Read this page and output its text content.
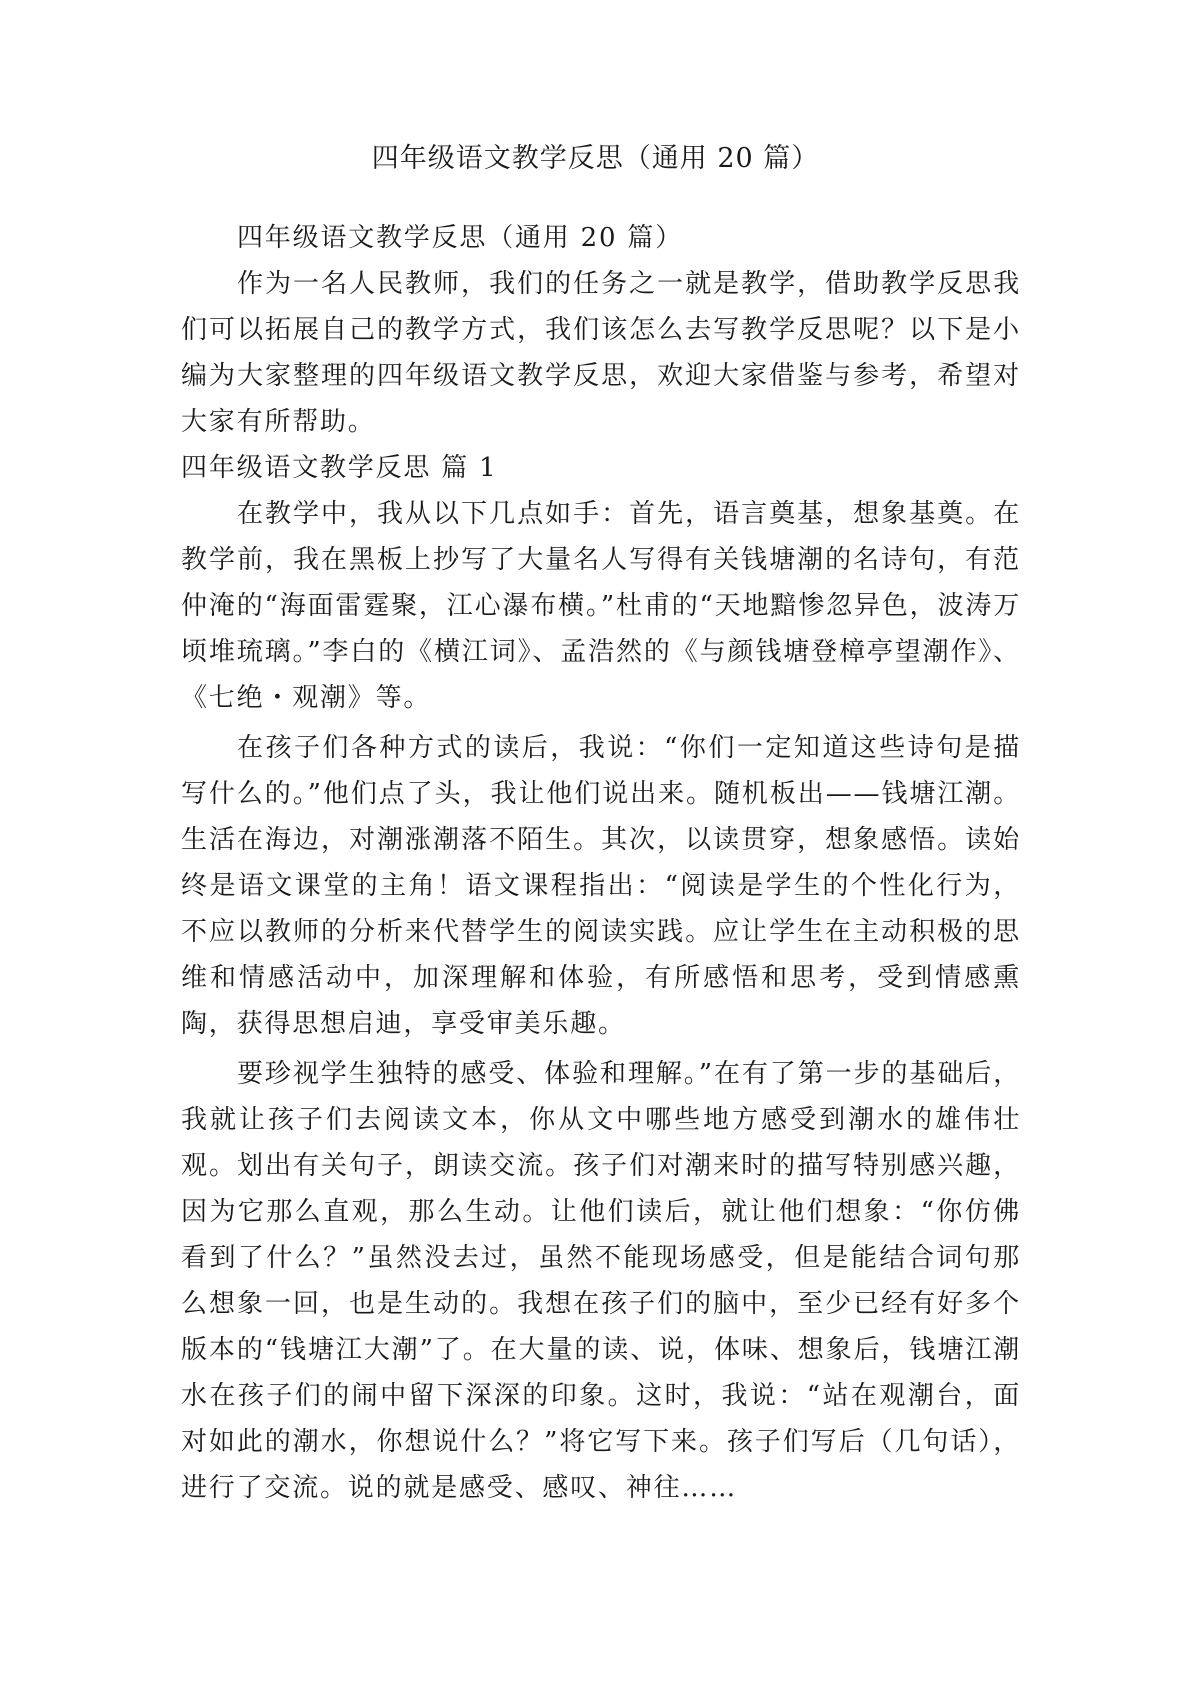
四年级语文教学反思（通用 20 篇）

四年级语文教学反思（通用 20 篇）

作为一名人民教师，我们的任务之一就是教学，借助教学反思我们可以拓展自己的教学方式，我们该怎么去写教学反思呢？以下是小编为大家整理的四年级语文教学反思，欢迎大家借鉴与参考，希望对大家有所帮助。

四年级语文教学反思 篇 1

在教学中，我从以下几点如手：首先，语言奠基，想象基奠。在教学前，我在黑板上抄写了大量名人写得有关钱塘潮的名诗句，有范仲淹的“海面雷霆聚，江心瀑布横。”杜甫的“天地黯惨忽异色，波涛万顷堆琉璃。”李白的《横江词》、孟浩然的《与颜钱塘登樟亭望潮作》、《七绝・观潮》等。

在孩子们各种方式的读后，我说：“你们一定知道这些诗句是描写什么的。”他们点了头，我让他们说出来。随机板出——钱塘江潮。生活在海边，对潮涨潮落不陌生。其次，以读贯穿，想象感悟。读始终是语文课堂的主角！语文课程指出：“阅读是学生的个性化行为，不应以教师的分析来代替学生的阅读实践。应让学生在主动积极的思维和情感活动中，加深理解和体验，有所感悟和思考，受到情感熏陶，获得思想启迪，享受审美乐趣。

要珍视学生独特的感受、体验和理解。”在有了第一步的基础后，我就让孩子们去阅读文本，你从文中哪些地方感受到潮水的雄伟壮观。划出有关句子，朗读交流。孩子们对潮来时的描写特别感兴趣，因为它那么直观，那么生动。让他们读后，就让他们想象：“你仿佛看到了什么？”虽然没去过，虽然不能现场感受，但是能结合词句那么想象一回，也是生动的。我想在孩子们的脑中，至少已经有好多个版本的“钱塘江大潮”了。在大量的读、说，体味、想象后，钱塘江潮水在孩子们的闹中留下深深的印象。这时，我说：“站在观潮台，面对如此的潮水，你想说什么？”将它写下来。孩子们写后（几句话），进行了交流。说的就是感受、感叹、神往……
